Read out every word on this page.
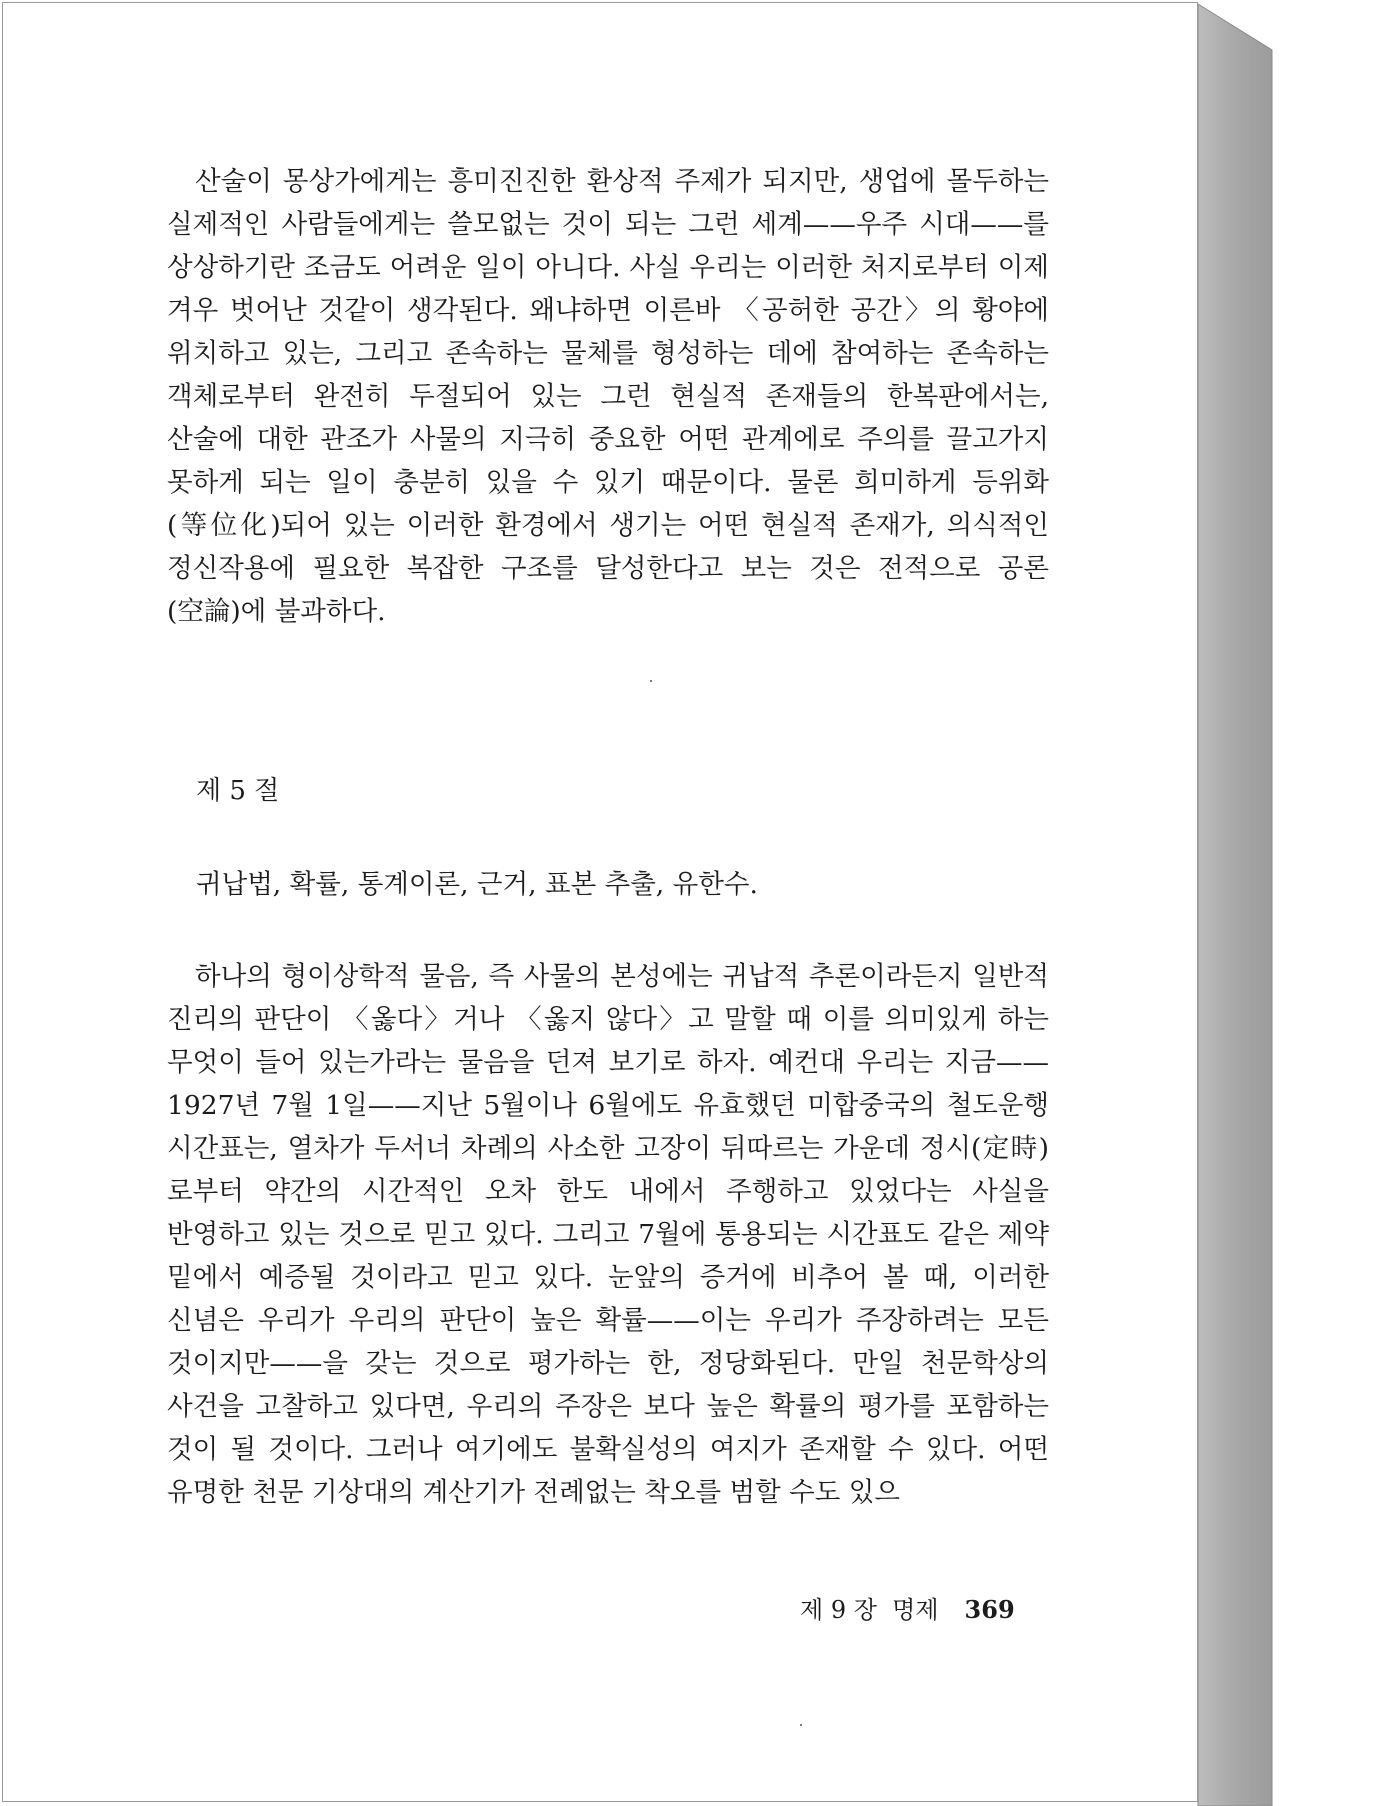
산술이 몽상가에게는 흥미진진한 환상적 주제가 되지만, 생업에 몰두하는 실제적인 사람들에게는 쓸모없는 것이 되는 그런 세계——우주 시대——를 상상하기란 조금도 어려운 일이 아니다. 사실 우리는 이러한 처지로부터 이제 겨우 벗어난 것같이 생각된다. 왜냐하면 이른바 〈공허한 공간〉의 황야에 위치하고 있는, 그리고 존속하는 물체를 형성하는 데에 참여하는 존속하는 객체로부터 완전히 두절되어 있는 그런 현실적 존재들의 한복판에서는, 산술에 대한 관조가 사물의 지극히 중요한 어떤 관계에로 주의를 끌고가지 못하게 되는 일이 충분히 있을 수 있기 때문이다. 물론 희미하게 등위화(等位化)되어 있는 이러한 환경에서 생기는 어떤 현실적 존재가, 의식적인 정신작용에 필요한 복잡한 구조를 달성한다고 보는 것은 전적으로 공론(空論)에 불과하다.

제 5 절
귀납법, 확률, 통계이론, 근거, 표본 추출, 유한수.

하나의 형이상학적 물음, 즉 사물의 본성에는 귀납적 추론이라든지 일반적 진리의 판단이 〈옳다〉거나 〈옳지 않다〉고 말할 때 이를 의미있게 하는 무엇이 들어 있는가라는 물음을 던져 보기로 하자. 예컨대 우리는 지금——1927년 7월 1일——지난 5월이나 6월에도 유효했던 미합중국의 철도운행 시간표는, 열차가 두서너 차례의 사소한 고장이 뒤따르는 가운데 정시(定時)로부터 약간의 시간적인 오차 한도 내에서 주행하고 있었다는 사실을 반영하고 있는 것으로 믿고 있다. 그리고 7월에 통용되는 시간표도 같은 제약 밑에서 예증될 것이라고 믿고 있다. 눈앞의 증거에 비추어 볼 때, 이러한 신념은 우리가 우리의 판단이 높은 확률——이는 우리가 주장하려는 모든 것이지만——을 갖는 것으로 평가하는 한, 정당화된다. 만일 천문학상의 사건을 고찰하고 있다면, 우리의 주장은 보다 높은 확률의 평가를 포함하는 것이 될 것이다. 그러나 여기에도 불확실성의 여지가 존재할 수 있다. 어떤 유명한 천문 기상대의 계산기가 전례없는 착오를 범할 수도 있으

제 9 장 명제 369
